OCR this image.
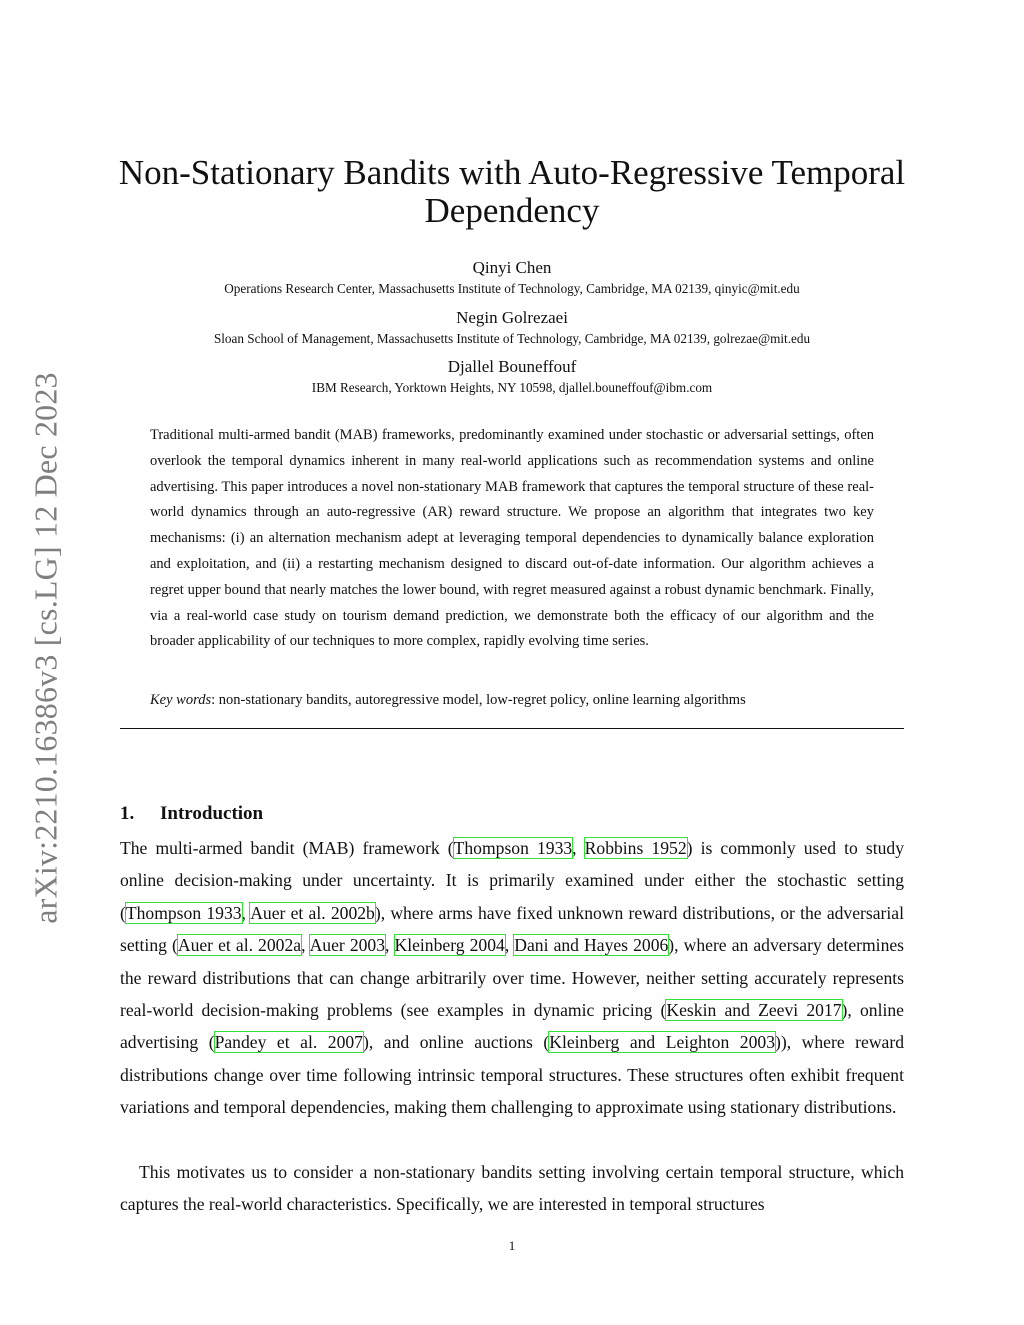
arXiv:2210.16386v3 [cs.LG] 12 Dec 2023
Non-Stationary Bandits with Auto-Regressive Temporal
Dependency
Qinyi Chen
Operations Research Center, Massachusetts Institute of Technology, Cambridge, MA 02139, qinyic@mit.edu
Negin Golrezaei
Sloan School of Management, Massachusetts Institute of Technology, Cambridge, MA 02139, golrezae@mit.edu
Djallel Bouneffouf
IBM Research, Yorktown Heights, NY 10598, djallel.bouneffouf@ibm.com

Traditional multi-armed bandit (MAB) frameworks, predominantly examined under stochastic or adversarial settings, often overlook the temporal dynamics inherent in many real-world applications such as recommendation systems and online advertising. This paper introduces a novel non-stationary MAB framework that captures the temporal structure of these real-world dynamics through an auto-regressive (AR) reward structure. We propose an algorithm that integrates two key mechanisms: (i) an alternation mechanism adept at leveraging temporal dependencies to dynamically balance exploration and exploitation, and (ii) a restarting mechanism designed to discard out-of-date information. Our algorithm achieves a regret upper bound that nearly matches the lower bound, with regret measured against a robust dynamic benchmark. Finally, via a real-world case study on tourism demand prediction, we demonstrate both the efficacy of our algorithm and the broader applicability of our techniques to more complex, rapidly evolving time series.

Key words: non-stationary bandits, autoregressive model, low-regret policy, online learning algorithms
1. Introduction

The multi-armed bandit (MAB) framework (Thompson 1933, Robbins 1952) is commonly used to study online decision-making under uncertainty. It is primarily examined under either the stochastic setting (Thompson 1933, Auer et al. 2002b), where arms have fixed unknown reward distributions, or the adversarial setting (Auer et al. 2002a, Auer 2003, Kleinberg 2004, Dani and Hayes 2006), where an adversary determines the reward distributions that can change arbitrarily over time. However, neither setting accurately represents real-world decision-making problems (see examples in dynamic pricing (Keskin and Zeevi 2017), online advertising (Pandey et al. 2007), and online auctions (Kleinberg and Leighton 2003)), where reward distributions change over time following intrinsic temporal structures. These structures often exhibit frequent variations and temporal dependencies, making them challenging to approximate using stationary distributions.

This motivates us to consider a non-stationary bandits setting involving certain temporal structure, which captures the real-world characteristics. Specifically, we are interested in temporal structures

1
